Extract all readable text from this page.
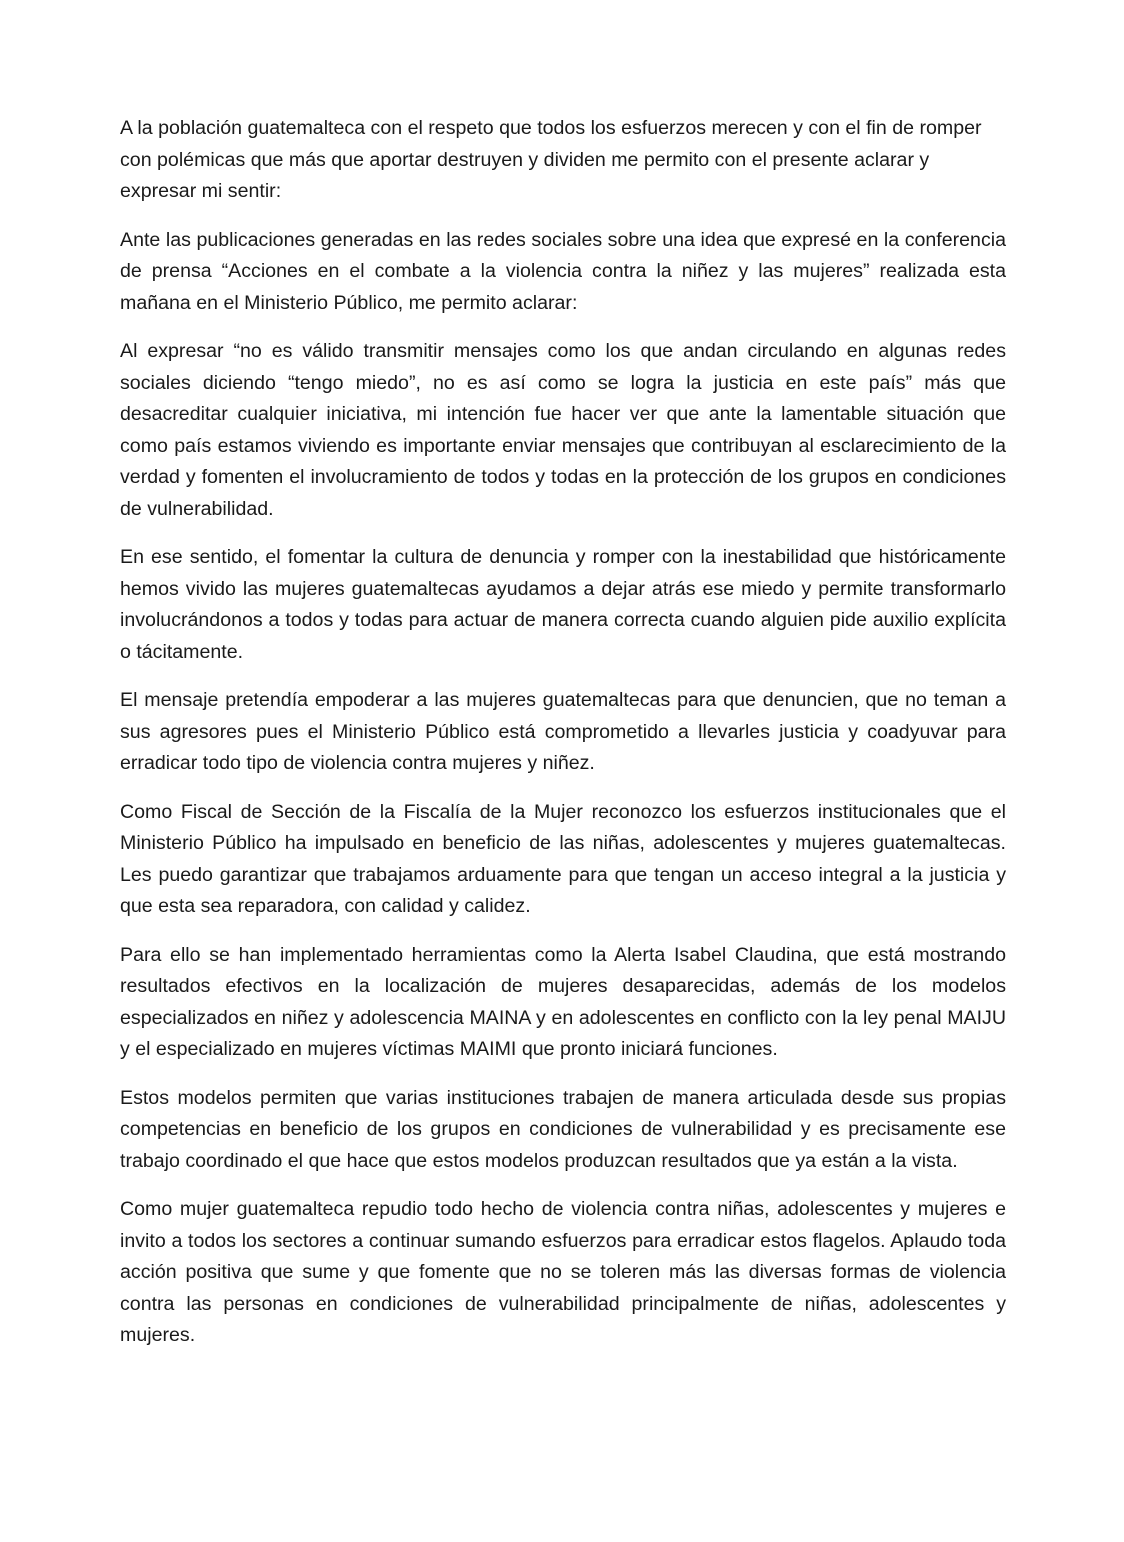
A la población guatemalteca con el respeto que todos los esfuerzos merecen y con el fin de romper con polémicas que más que aportar destruyen y dividen me permito con el presente aclarar y expresar mi sentir:

Ante las publicaciones generadas en las redes sociales sobre una idea que expresé en la conferencia de prensa “Acciones en el combate a la violencia contra la niñez y las mujeres” realizada esta mañana en el Ministerio Público, me permito aclarar:

Al expresar “no es válido transmitir mensajes como los que andan circulando en algunas redes sociales diciendo “tengo miedo”, no es así como se logra la justicia en este país” más que desacreditar cualquier iniciativa, mi intención fue hacer ver que ante la lamentable situación que como país estamos viviendo es importante enviar mensajes que contribuyan al esclarecimiento de la verdad y fomenten el involucramiento de todos y todas en la protección de los grupos en condiciones de vulnerabilidad.

En ese sentido, el fomentar la cultura de denuncia y romper con la inestabilidad que históricamente hemos vivido las mujeres guatemaltecas ayudamos a dejar atrás ese miedo y permite transformarlo involucrándonos a todos y todas para actuar de manera correcta cuando alguien pide auxilio explícita o tácitamente.

El mensaje pretendía empoderar a las mujeres guatemaltecas para que denuncien, que no teman a sus agresores pues el Ministerio Público está comprometido a llevarles justicia y coadyuvar para erradicar todo tipo de violencia contra mujeres y niñez.

Como Fiscal de Sección de la Fiscalía de la Mujer reconozco los esfuerzos institucionales que el Ministerio Público ha impulsado en beneficio de las niñas, adolescentes y mujeres guatemaltecas. Les puedo garantizar que trabajamos arduamente para que tengan un acceso integral a la justicia y que esta sea reparadora, con calidad y calidez.

Para ello se han implementado herramientas como la Alerta Isabel Claudina, que está mostrando resultados efectivos en la localización de mujeres desaparecidas, además de los modelos especializados en niñez y adolescencia MAINA y en adolescentes en conflicto con la ley penal MAIJU y el especializado en mujeres víctimas MAIMI que pronto iniciará funciones.

Estos modelos permiten que varias instituciones trabajen de manera articulada desde sus propias competencias en beneficio de los grupos en condiciones de vulnerabilidad y es precisamente ese trabajo coordinado el que hace que estos modelos produzcan resultados que ya están a la vista.

Como mujer guatemalteca repudio todo hecho de violencia contra niñas, adolescentes y mujeres e invito a todos los sectores a continuar sumando esfuerzos para erradicar estos flagelos. Aplaudo toda acción positiva que sume y que fomente que no se toleren más las diversas formas de violencia contra las personas en condiciones de vulnerabilidad principalmente de niñas, adolescentes y mujeres.
